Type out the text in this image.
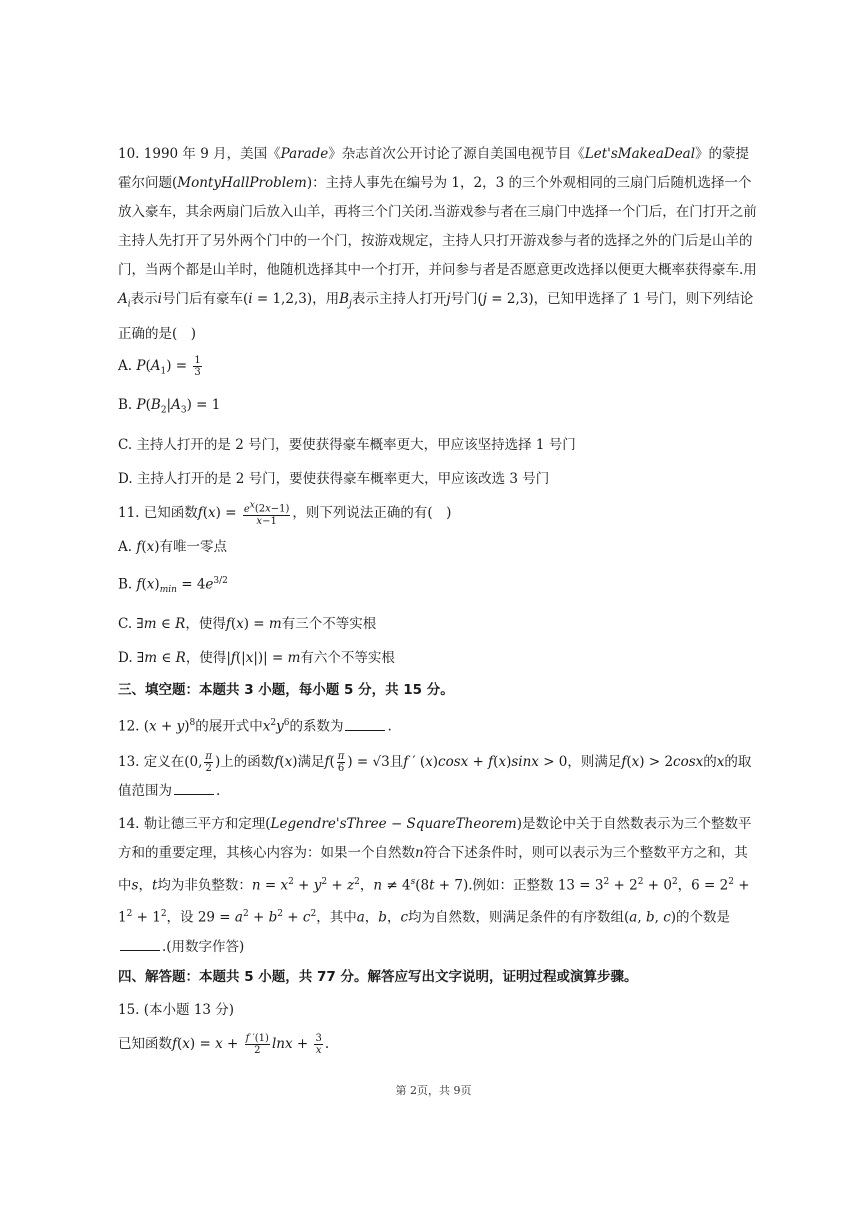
10. 1990 年 9 月，美国《Parade》杂志首次公开讨论了源自美国电视节目《Let'sMakeaDeal》的蒙提霍尔问题(MontyHallProblem)：主持人事先在编号为 1，2，3 的三个外观相同的三扇门后随机选择一个放入豪车，其余两扇门后放入山羊，再将三个门关闭.当游戏参与者在三扇门中选择一个门后，在门打开之前主持人先打开了另外两个门中的一个门，按游戏规定，主持人只打开游戏参与者的选择之外的门后是山羊的门，当两个都是山羊时，他随机选择其中一个打开，并问参与者是否愿意更改选择以便更大概率获得豪车.用$A_i$表示i号门后有豪车(i = 1,2,3)，用$B_j$表示主持人打开j号门(j = 2,3)，已知甲选择了 1 号门，则下列结论正确的是(　)

A. $P(A_1) = \frac{1}{3}$

B. $P(B_2|A_3) = 1$

C. 主持人打开的是 2 号门，要使获得豪车概率更大，甲应该坚持选择 1 号门

D. 主持人打开的是 2 号门，要使获得豪车概率更大，甲应该改选 3 号门

11. 已知函数$f(x) = \frac{e^x(2x-1)}{x-1}$ ，则下列说法正确的有(　)

A. f(x)有唯一零点

B. $f(x)_{min} = 4e^{3/2}$

C. ∃m ∈ R，使得f(x) = m有三个不等实根

D. ∃m ∈ R，使得|f(|x|)| = m有六个不等实根

三、填空题：本题共 3 小题，每小题 5 分，共 15 分。

12. $(x + y)^8$的展开式中$x^2y^6$的系数为	.

13. 定义在(0, $\frac{\pi}{2}$ )上的函数f(x)满足$f( \frac{\pi}{6}$ ) = √3且f ′ (x)cosx + f(x)sinx > 0，则满足f(x) > 2cosx的x的取值范围为	.

14. 勒让德三平方和定理(Legendre'sThree − SquareTheorem)是数论中关于自然数表示为三个整数平方和的重要定理，其核心内容为：如果一个自然数n符合下述条件时，则可以表示为三个整数平方之和，其中s，t均为非负整数：$n = x^2 + y^2 + z^2$，$n \ne 4^s(8t + 7)$.例如：正整数 $13 = 3^2 + 2^2 + 0^2$，$6 = 2^2 + 1^2 + 1^2$，设 $29 = a^2 + b^2 + c^2$，其中a，b，c均为自然数，则满足条件的有序数组(a, b, c)的个数是.(用数字作答)

四、解答题：本题共 5 小题，共 77 分。解答应写出文字说明，证明过程或演算步骤。

15. (本小题 13 分)

已知函数$f(x) = x + \frac{f '(1)}{2}$ $\ln x + \frac{3}{x}$ .

第 2页，共 9页
